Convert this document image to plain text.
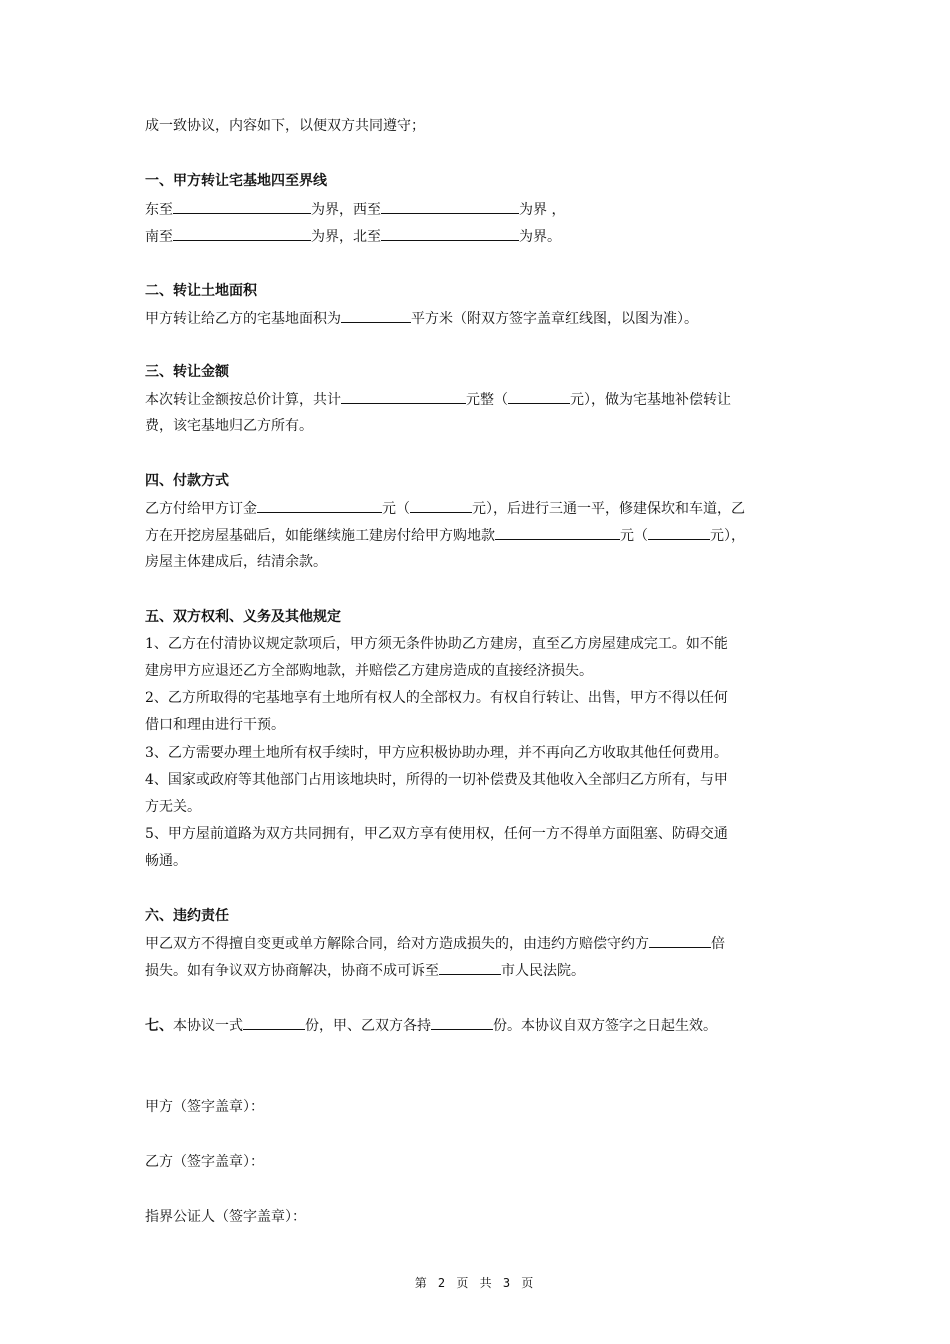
成一致协议，内容如下，以便双方共同遵守；
一、甲方转让宅基地四至界线
东至	为界，西至	为界 ，
南至	为界，北至	为界。
二、转让土地面积
甲方转让给乙方的宅基地面积为	平方米（附双方签字盖章红线图，以图为准）。
三、转让金额
本次转让金额按总价计算，共计	元整（	元），做为宅基地补偿转让
费，该宅基地归乙方所有。
四、付款方式
乙方付给甲方订金	元（	元），后进行三通一平，修建保坎和车道，乙
方在开挖房屋基础后，如能继续施工建房付给甲方购地款	元（	元），
房屋主体建成后，结清余款。
五、双方权利、义务及其他规定
1、乙方在付清协议规定款项后，甲方须无条件协助乙方建房，直至乙方房屋建成完工。如不能
建房甲方应退还乙方全部购地款，并赔偿乙方建房造成的直接经济损失。
2、乙方所取得的宅基地享有土地所有权人的全部权力。有权自行转让、出售，甲方不得以任何
借口和理由进行干预。
3、乙方需要办理土地所有权手续时，甲方应积极协助办理，并不再向乙方收取其他任何费用。
4、国家或政府等其他部门占用该地块时，所得的一切补偿费及其他收入全部归乙方所有，与甲
方无关。
5、甲方屋前道路为双方共同拥有，甲乙双方享有使用权，任何一方不得单方面阻塞、防碍交通
畅通。
六、违约责任
甲乙双方不得擅自变更或单方解除合同，给对方造成损失的，由违约方赔偿守约方	倍
损失。如有争议双方协商解决，协商不成可诉至	市人民法院。
七、本协议一式	份，甲、乙双方各持	份。本协议自双方签字之日起生效。
甲方（签字盖章）：
乙方（签字盖章）：
指界公证人（签字盖章）：
第 2 页 共 3 页
